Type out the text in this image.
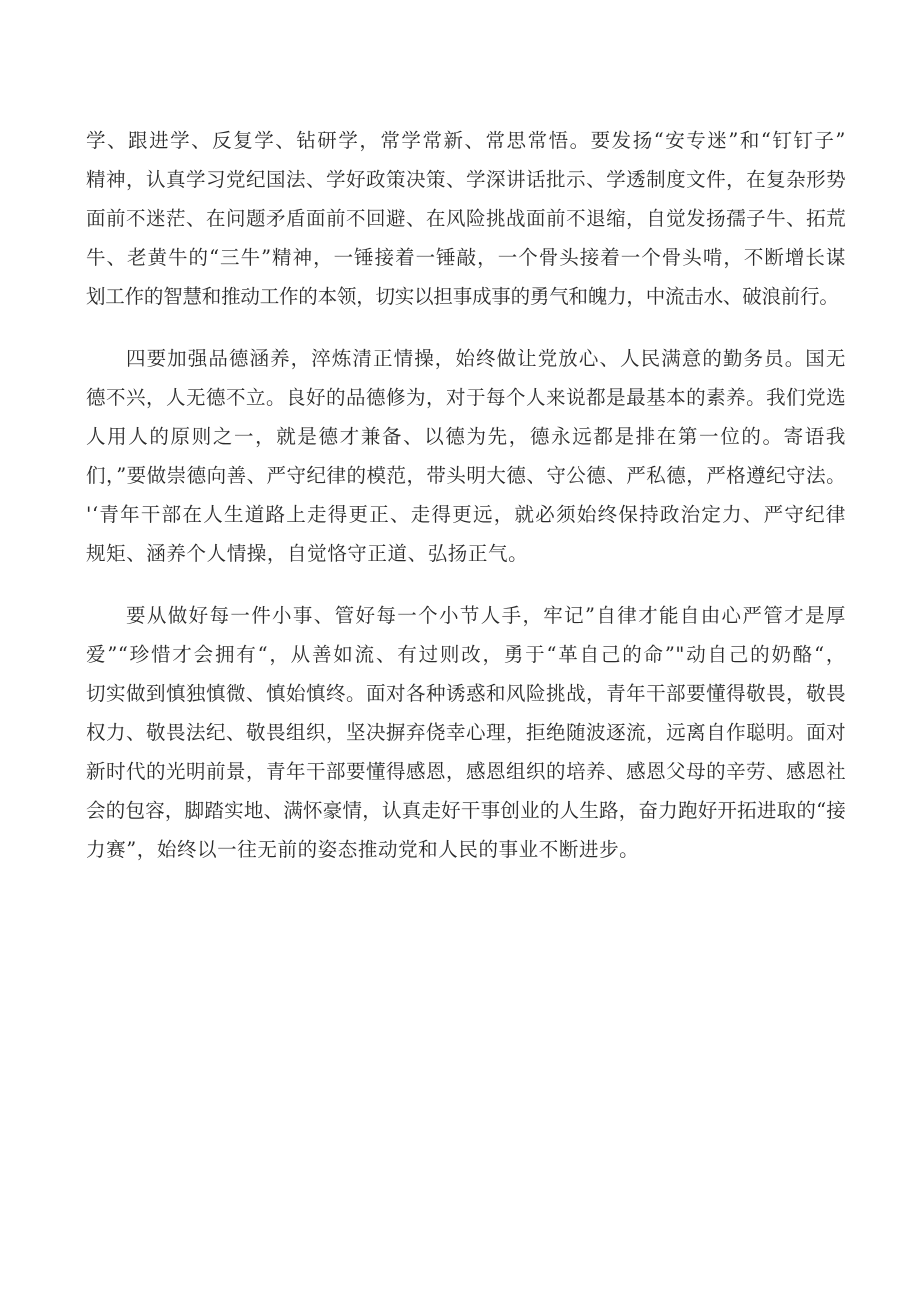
学、跟进学、反复学、钻研学，常学常新、常思常悟。要发扬“安专迷”和“钉钉子”
精神，认真学习党纪国法、学好政策决策、学深讲话批示、学透制度文件，在复杂形势
面前不迷茫、在问题矛盾面前不回避、在风险挑战面前不退缩，自觉发扬孺子牛、拓荒
牛、老黄牛的“三牛”精神，一锤接着一锤敲，一个骨头接着一个骨头啃，不断增长谋
划工作的智慧和推动工作的本领，切实以担事成事的勇气和魄力，中流击水、破浪前行。
四要加强品德涵养，淬炼清正情操，始终做让党放心、人民满意的勤务员。国无
德不兴，人无德不立。良好的品德修为，对于每个人来说都是最基本的素养。我们党选
人用人的原则之一，就是德才兼备、以德为先，德永远都是排在第一位的。寄语我
们，”要做崇德向善、严守纪律的模范，带头明大德、守公德、严私德，严格遵纪守法。
'‘青年干部在人生道路上走得更正、走得更远，就必须始终保持政治定力、严守纪律
规矩、涵养个人情操，自觉恪守正道、弘扬正气。
要从做好每一件小事、管好每一个小节人手，牢记”自律才能自由心严管才是厚
爱”“珍惜才会拥有“，从善如流、有过则改，勇于“革自己的命”"动自己的奶酪“，
切实做到慎独慎微、慎始慎终。面对各种诱惑和风险挑战，青年干部要懂得敬畏，敬畏
权力、敬畏法纪、敬畏组织，坚决摒弃侥幸心理，拒绝随波逐流，远离自作聪明。面对
新时代的光明前景，青年干部要懂得感恩，感恩组织的培养、感恩父母的辛劳、感恩社
会的包容，脚踏实地、满怀豪情，认真走好干事创业的人生路，奋力跑好开拓进取的“接
力赛”，始终以一往无前的姿态推动党和人民的事业不断进步。
